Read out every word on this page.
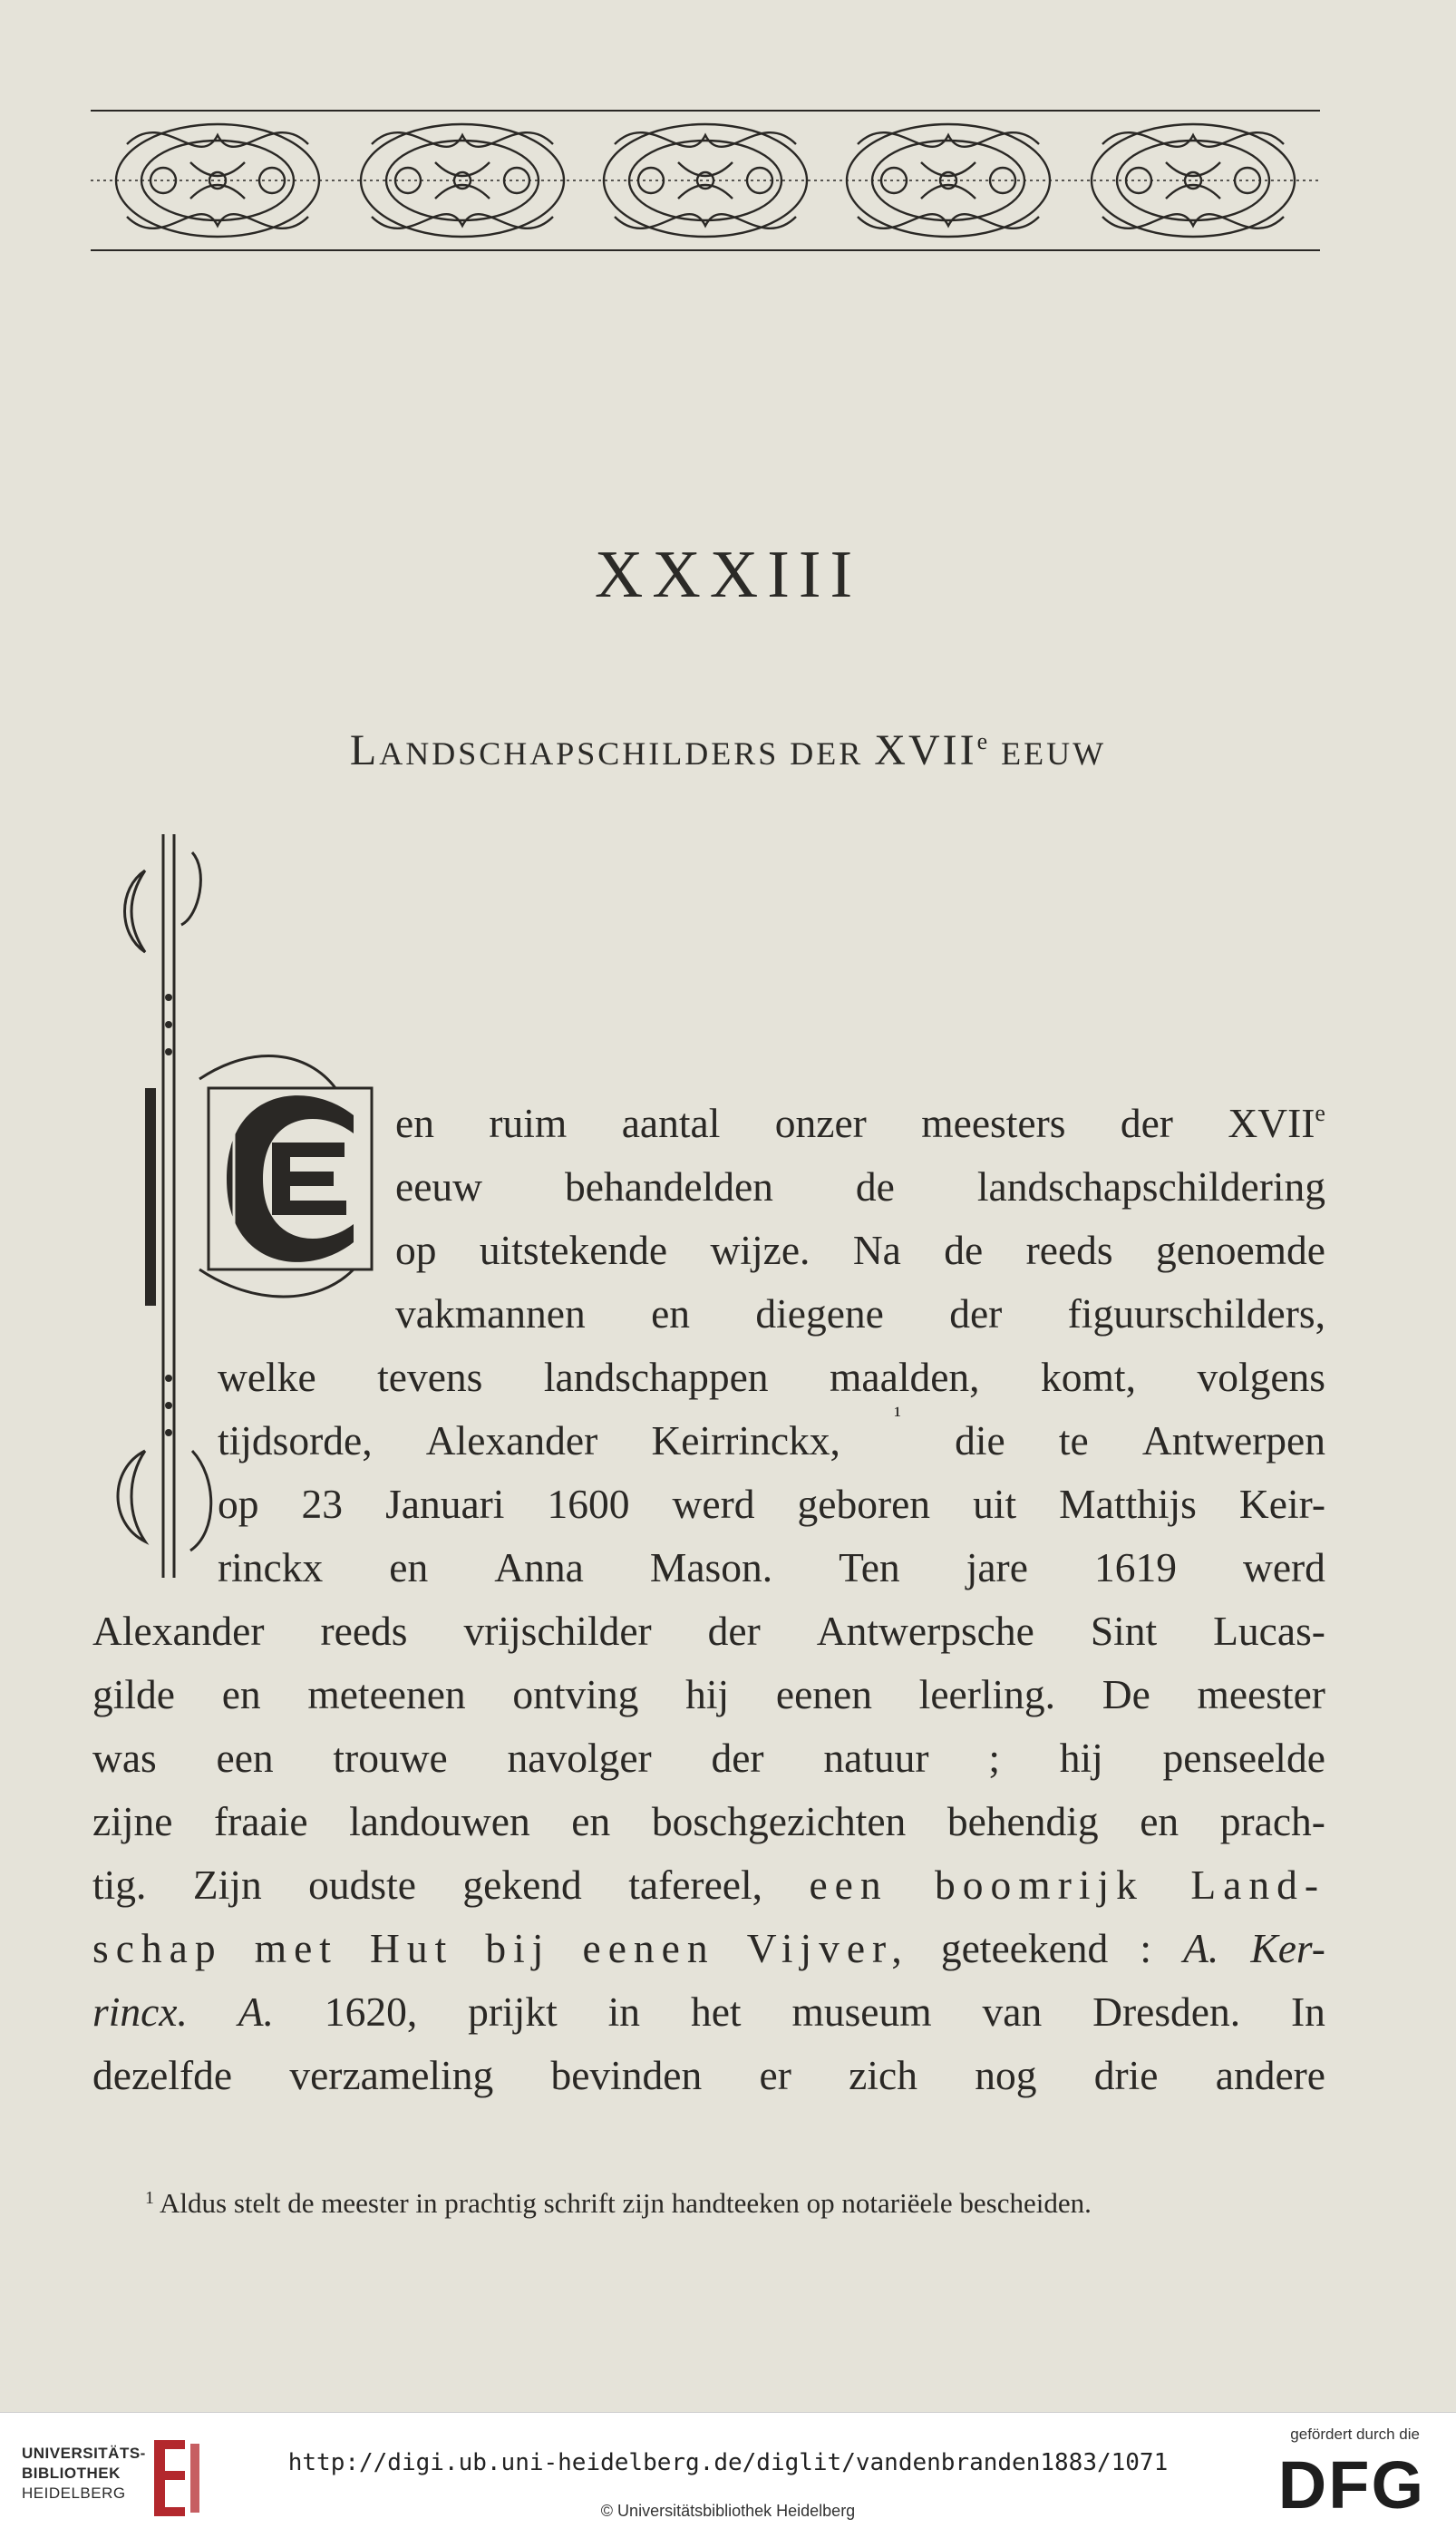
XXXIII
LANDSCHAPSCHILDERS DER XVIIe EEUW
en ruim aantal onzer meesters der XVIIe
eeuw behandelden de landschapschildering
op uitstekende wijze. Na de reeds genoemde
vakmannen en diegene der figuurschilders,
welke tevens landschappen maalden, komt, volgens
tijdsorde, Alexander Keirrinckx,
¹
die te Antwerpen
op 23 Januari 1600 werd geboren uit Matthijs Keir-
rinckx en Anna Mason. Ten jare 1619 werd
Alexander reeds vrijschilder der Antwerpsche Sint Lucas-
gilde en meteenen ontving hij eenen leerling. De meester
was een trouwe navolger der natuur ; hij penseelde
zijne fraaie landouwen en boschgezichten behendig en prach-
tig. Zijn oudste gekend tafereel, een boomrijk Land-
schap met Hut bij eenen Vijver, geteekend : A. Ker-
rincx. A. 1620, prijkt in het museum van Dresden. In
dezelfde verzameling bevinden er zich nog drie andere
$^1$ Aldus stelt de meester in prachtig schrift zijn handteeken op notariëele bescheiden.
UNIVERSITÄTS-
BIBLIOTHEK
HEIDELBERG
http://digi.ub.uni-heidelberg.de/diglit/vandenbranden1883/1071
© Universitätsbibliothek Heidelberg
gefördert durch die
DFG
